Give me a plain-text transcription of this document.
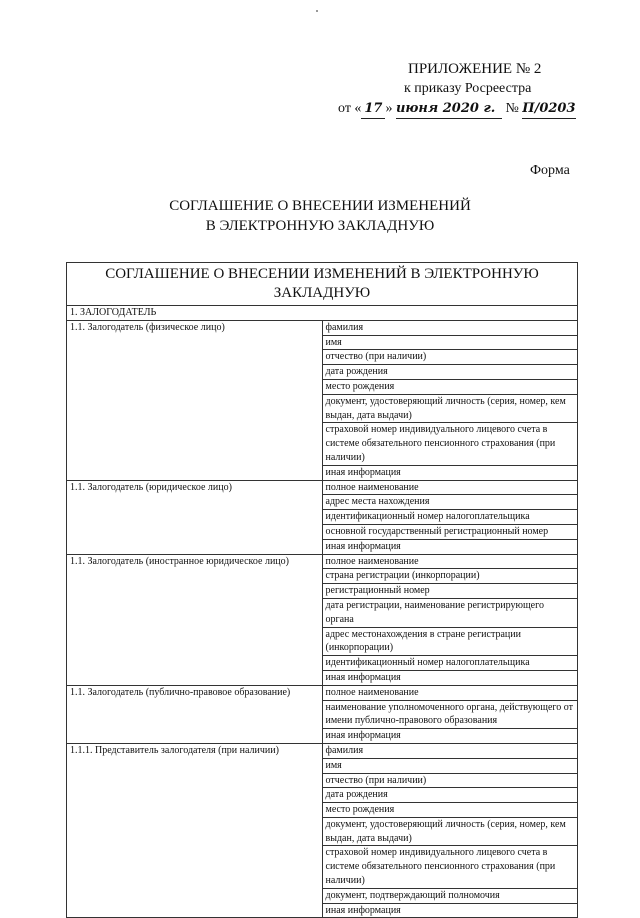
ПРИЛОЖЕНИЕ № 2
к приказу Росреестра
от « 17 » июня 2020 г. № П/0203
Форма
СОГЛАШЕНИЕ О ВНЕСЕНИИ ИЗМЕНЕНИЙ
В ЭЛЕКТРОННУЮ ЗАКЛАДНУЮ
СОГЛАШЕНИЕ О ВНЕСЕНИИ ИЗМЕНЕНИЙ В ЭЛЕКТРОННУЮ ЗАКЛАДНУЮ	
1. ЗАЛОГОДАТЕЛЬ	
1.1. Залогодатель (физическое лицо)	фамилия
	имя
	отчество (при наличии)
	дата рождения
	место рождения
	документ, удостоверяющий личность (серия, номер, кем выдан, дата выдачи)
	страховой номер индивидуального лицевого счета в системе обязательного пенсионного страхования (при наличии)
	иная информация
1.1. Залогодатель (юридическое лицо)	полное наименование
	адрес места нахождения
	идентификационный номер налогоплательщика
	основной государственный регистрационный номер
	иная информация
1.1. Залогодатель (иностранное юридическое лицо)	полное наименование
	страна регистрации (инкорпорации)
	регистрационный номер
	дата регистрации, наименование регистрирующего органа
	адрес местонахождения в стране регистрации (инкорпорации)
	идентификационный номер налогоплательщика
	иная информация
1.1. Залогодатель (публично-правовое образование)	полное наименование
	наименование уполномоченного органа, действующего от имени публично-правового образования
	иная информация
1.1.1. Представитель залогодателя (при наличии)	фамилия
	имя
	отчество (при наличии)
	дата рождения
	место рождения
	документ, удостоверяющий личность (серия, номер, кем выдан, дата выдачи)
	страховой номер индивидуального лицевого счета в системе обязательного пенсионного страхования (при наличии)
	документ, подтверждающий полномочия
	иная информация
